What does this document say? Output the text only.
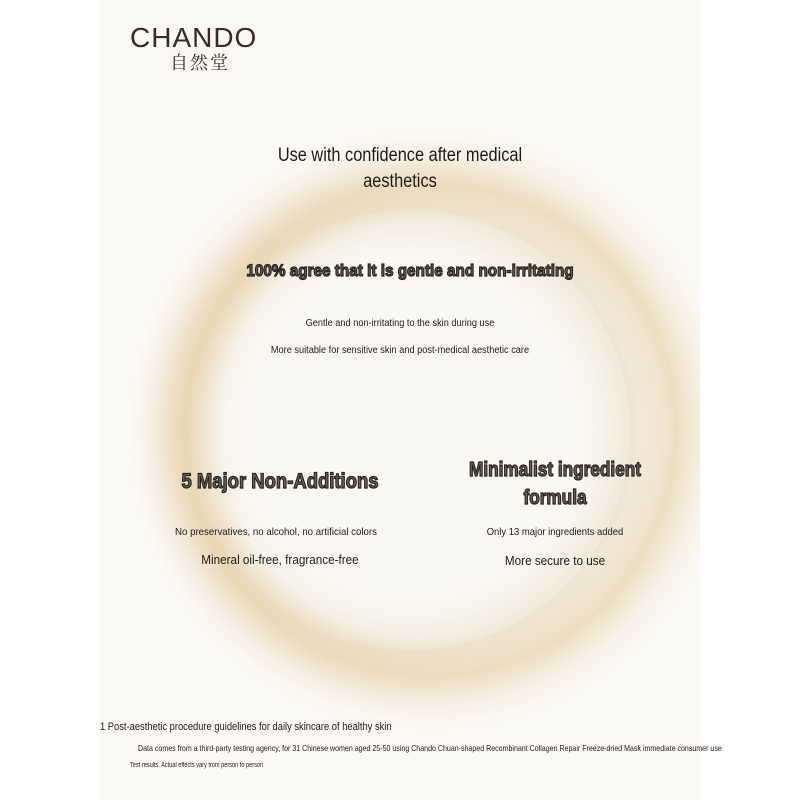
CHANDO
自然堂
Use with confidence after medical
aesthetics
100% agree that it is gentle and non-irritating
Gentle and non-irritating to the skin during use
More suitable for sensitive skin and post-medical aesthetic care
5 Major Non-Additions
No preservatives, no alcohol, no artificial colors
Mineral oil-free, fragrance-free
Minimalist ingredient
formula
Only 13 major ingredients added
More secure to use
1 Post-aesthetic procedure guidelines for daily skincare of healthy skin
Data comes from a third-party testing agency, for 31 Chinese women aged 25-50 using Chando Chuan-shaped Recombinant Collagen Repair Freeze-dried Mask immediate consumer use
Test results. Actual effects vary from person to person
